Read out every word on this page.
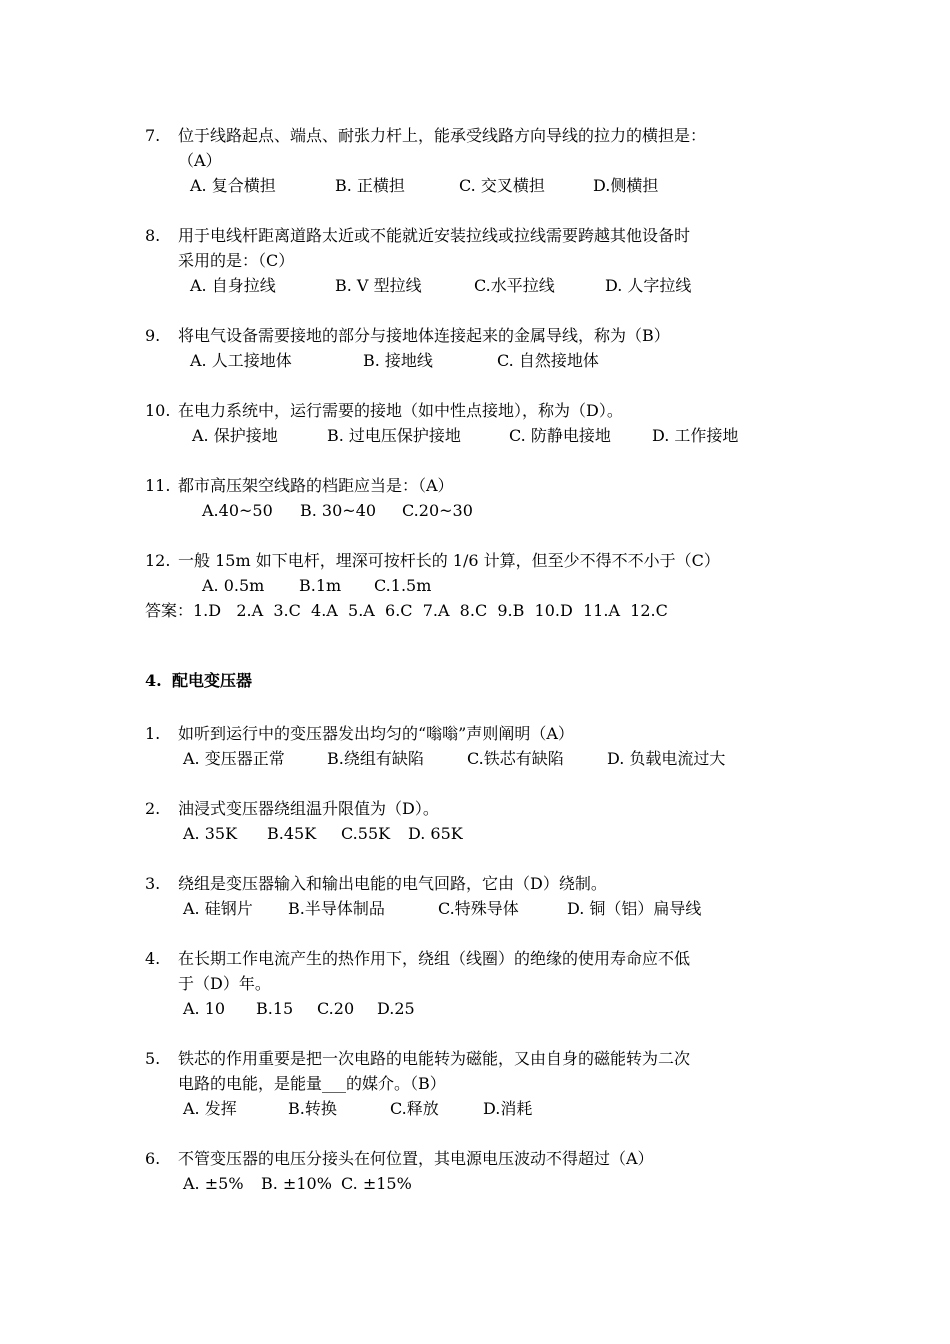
7. 位于线路起点、端点、耐张力杆上，能承受线路方向导线的拉力的横担是：
（A）
A. 复合横担	B. 正横担	C. 交叉横担	D.侧横担
8. 用于电线杆距离道路太近或不能就近安装拉线或拉线需要跨越其他设备时
采用的是：（C）
A. 自身拉线	B. V 型拉线	C.水平拉线	D. 人字拉线
9. 将电气设备需要接地的部分与接地体连接起来的金属导线，称为（B）
A. 人工接地体	B. 接地线	C. 自然接地体
10. 在电力系统中，运行需要的接地（如中性点接地），称为（D）。
A. 保护接地	B. 过电压保护接地	C. 防静电接地	D. 工作接地
11. 都市高压架空线路的档距应当是：（A）
A.40~50	B. 30~40	C.20~30
12. 一般 15m 如下电杆，埋深可按杆长的 1/6 计算，但至少不得不不小于（C）
A. 0.5m	B.1m	C.1.5m
答案：1.D   2.A  3.C  4.A  5.A  6.C  7.A  8.C  9.B  10.D  11.A  12.C
4. 配电变压器
1. 如听到运行中的变压器发出均匀的“嗡嗡”声则阐明（A）
A. 变压器正常	B.绕组有缺陷	C.铁芯有缺陷	D. 负载电流过大
2. 油浸式变压器绕组温升限值为（D）。
A. 35K	B.45K	C.55K	D. 65K
3. 绕组是变压器输入和输出电能的电气回路，它由（D）绕制。
A. 硅钢片	B.半导体制品	C.特殊导体	D. 铜（铝）扁导线
4. 在长期工作电流产生的热作用下，绕组（线圈）的绝缘的使用寿命应不低
于（D）年。
A. 10	B.15	C.20	D.25
5. 铁芯的作用重要是把一次电路的电能转为磁能，又由自身的磁能转为二次
电路的电能，是能量___的媒介。（B）
A. 发挥	B.转换	C.释放	D.消耗
6. 不管变压器的电压分接头在何位置，其电源电压波动不得超过（A）
A. ±5%	B. ±10% C. ±15%
